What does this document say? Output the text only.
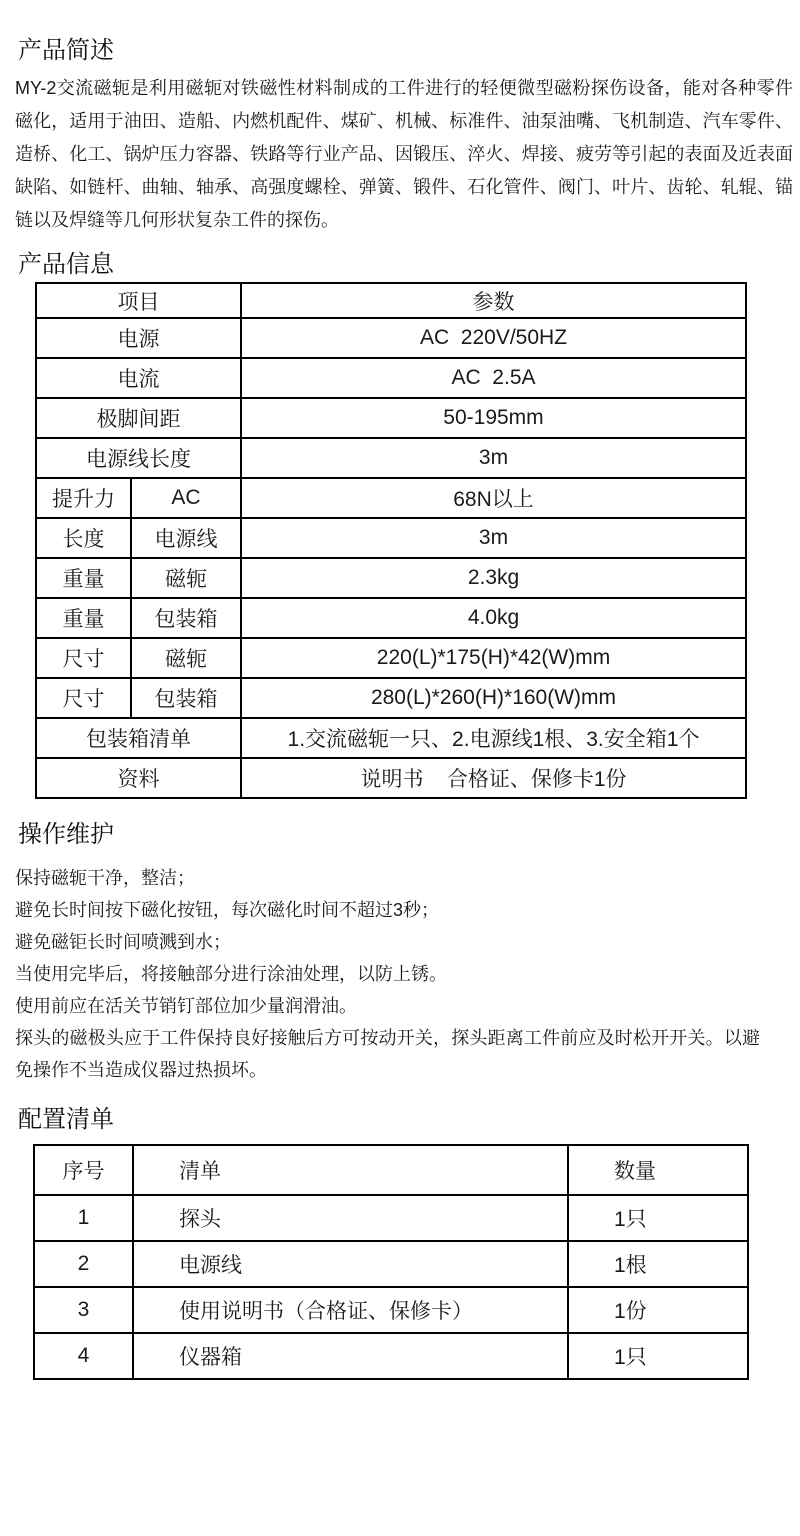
产品简述

MY-2交流磁轭是利用磁轭对铁磁性材料制成的工件进行的轻便微型磁粉探伤设备，能对各种零件磁化，适用于油田、造船、内燃机配件、煤矿、机械、标准件、油泵油嘴、飞机制造、汽车零件、造桥、化工、锅炉压力容器、铁路等行业产品、因锻压、淬火、焊接、疲劳等引起的表面及近表面缺陷、如链杆、曲轴、轴承、高强度螺栓、弹簧、锻件、石化管件、阀门、叶片、齿轮、轧辊、锚链以及焊缝等几何形状复杂工件的探伤。

产品信息
项目		参数
电源		AC  220V/50HZ
电流		AC  2.5A
极脚间距		50-195mm
电源线长度		3m
提升力	AC	68N以上
长度	电源线	3m
重量	磁轭	2.3kg
重量	包装箱	4.0kg
尺寸	磁轭	220(L)*175(H)*42(W)mm
尺寸	包装箱	280(L)*260(H)*160(W)mm
包装箱清单		1.交流磁轭一只、2.电源线1根、3.安全箱1个
资料		说明书    合格证、保修卡1份
操作维护

保持磁轭干净，整洁；

避免长时间按下磁化按钮，每次磁化时间不超过3秒；

避免磁钜长时间喷溅到水；

当使用完毕后，将接触部分进行涂油处理，以防上锈。

使用前应在活关节销钉部位加少量润滑油。

探头的磁极头应于工件保持良好接触后方可按动开关，探头距离工件前应及时松开开关。以避免操作不当造成仪器过热损坏。

配置清单
序号	清单	数量
1	探头	1只
2	电源线	1根
3	使用说明书（合格证、保修卡）	1份
4	仪器箱	1只
